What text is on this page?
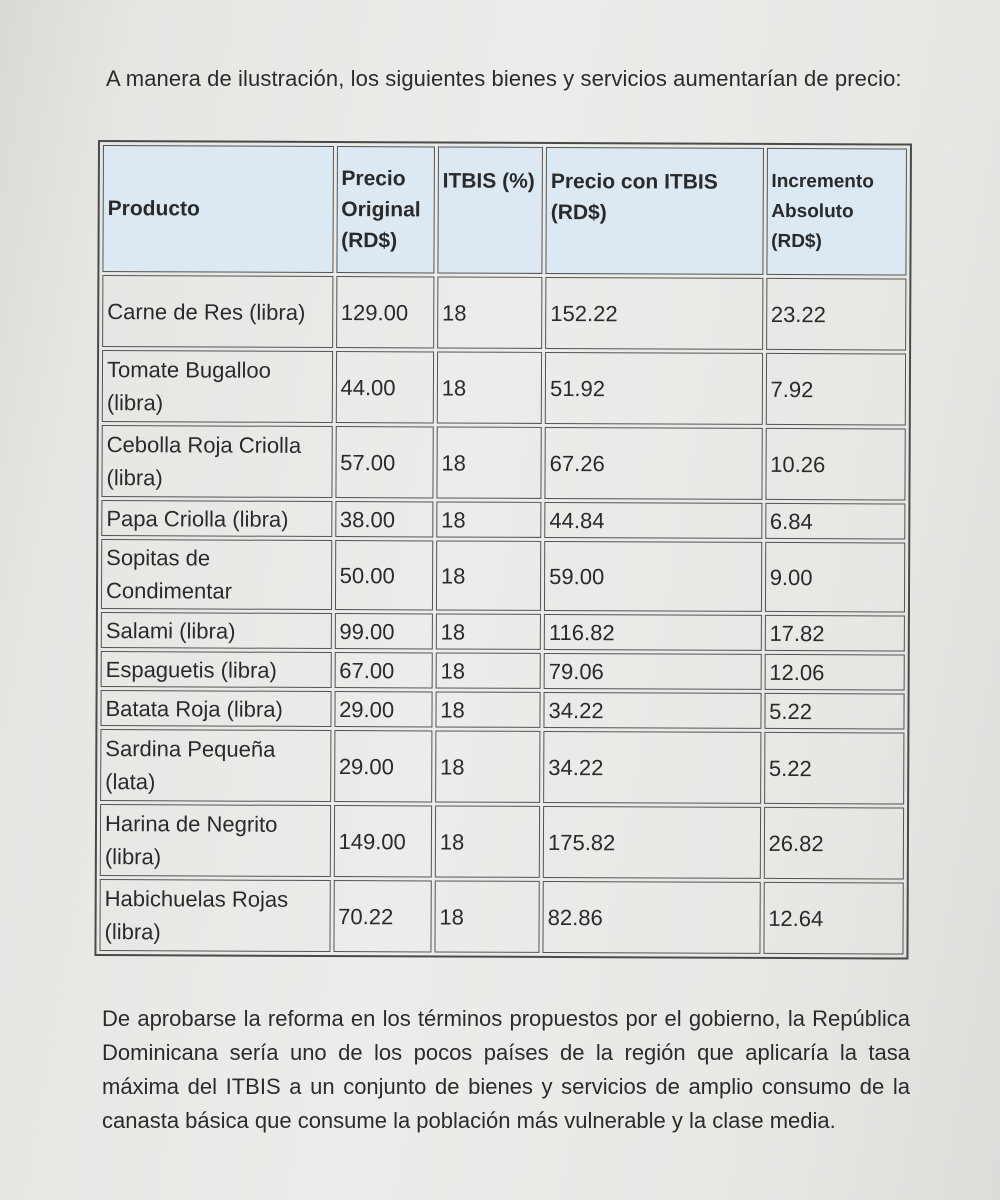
A manera de ilustración, los siguientes bienes y servicios aumentarían de precio:

Producto	Precio Original (RD$)	ITBIS (%)	Precio con ITBIS (RD$)	Incremento Absoluto (RD$)
Carne de Res (libra)	129.00	18	152.22	23.22
Tomate Bugalloo (libra)	44.00	18	51.92	7.92
Cebolla Roja Criolla (libra)	57.00	18	67.26	10.26
Papa Criolla (libra)	38.00	18	44.84	6.84
Sopitas de Condimentar	50.00	18	59.00	9.00
Salami (libra)	99.00	18	116.82	17.82
Espaguetis (libra)	67.00	18	79.06	12.06
Batata Roja (libra)	29.00	18	34.22	5.22
Sardina Pequeña (lata)	29.00	18	34.22	5.22
Harina de Negrito (libra)	149.00	18	175.82	26.82
Habichuelas Rojas (libra)	70.22	18	82.86	12.64

De aprobarse la reforma en los términos propuestos por el gobierno, la República Dominicana sería uno de los pocos países de la región que aplicaría la tasa máxima del ITBIS a un conjunto de bienes y servicios de amplio consumo de la canasta básica que consume la población más vulnerable y la clase media.
